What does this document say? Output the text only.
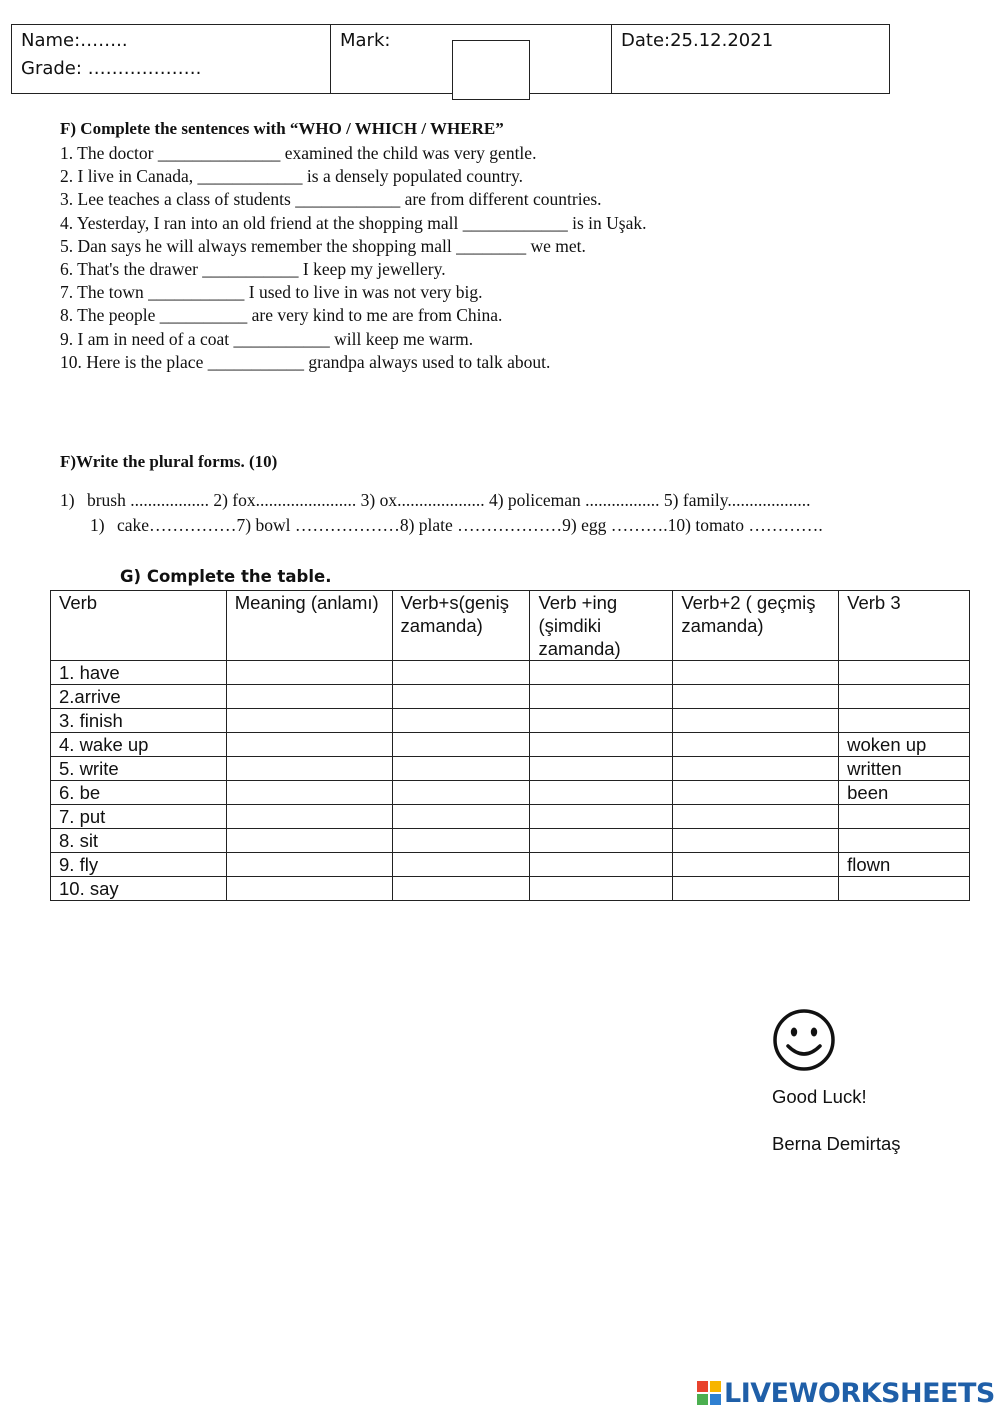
Name:……..
Grade: ……………….
Mark:	Date:25.12.2021
F) Complete the sentences with “WHO / WHICH / WHERE”
1. The doctor ______________ examined the child was very gentle.
2. I live in Canada, ____________ is a densely populated country.
3. Lee teaches a class of students ____________ are from different countries.
4. Yesterday, I ran into an old friend at the shopping mall ____________ is in Uşak.
5. Dan says he will always remember the shopping mall ________ we met.
6. That's the drawer ___________ I keep my jewellery.
7. The town ___________ I used to live in was not very big.
8. The people __________ are very kind to me are from China.
9. I am in need of a coat ___________ will keep me warm.
10. Here is the place ___________ grandpa always used to talk about.
F)Write the plural forms. (10)
1) brush .................. 2) fox....................... 3) ox.................... 4) policeman ................. 5) family...................
1) cake……………7) bowl ………………8) plate ………………9) egg ……….10) tomato ………….
G) Complete the table.
Verb	Meaning (anlamı)	Verb+s(geniş zamanda)	Verb +ing (şimdiki zamanda)	Verb+2 ( geçmiş zamanda)	Verb 3
1. have					
2.arrive					
3. finish					
4. wake up					woken up
5. write					written
6. be					been
7. put					
8. sit					
9. fly					flown
10. say					
Good Luck!
Berna Demirtaş
LIVEWORKSHEETS
